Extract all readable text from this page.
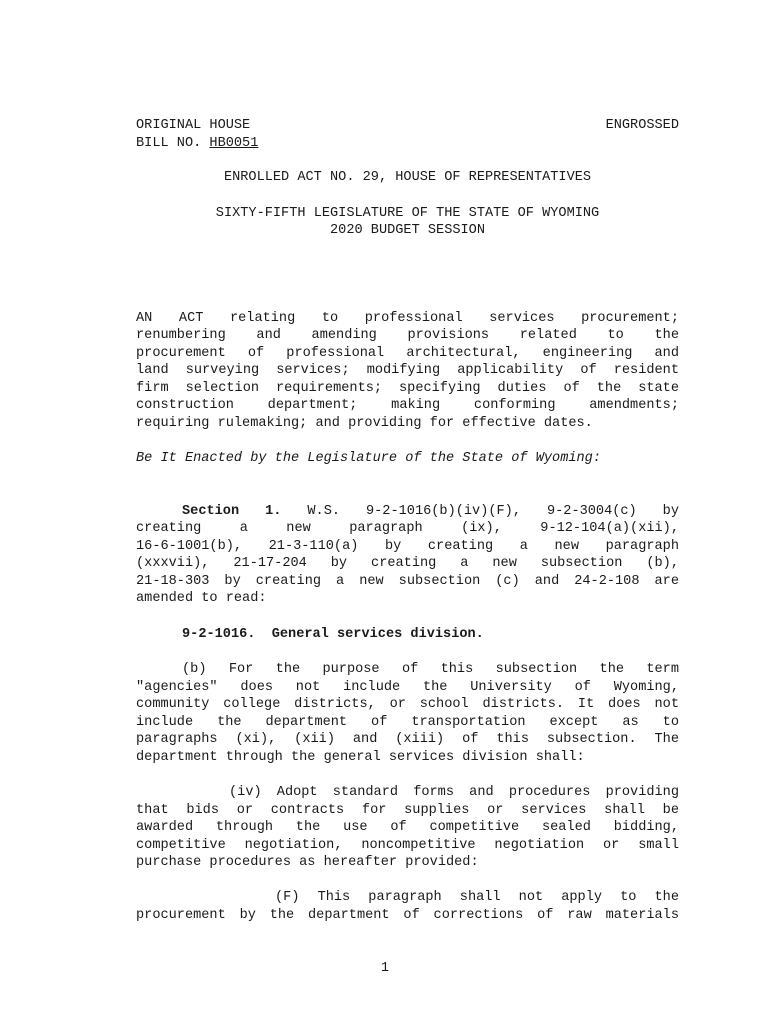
ORIGINAL HOUSE	ENGROSSED
BILL NO. HB0051
ENROLLED ACT NO. 29, HOUSE OF REPRESENTATIVES
SIXTY-FIFTH LEGISLATURE OF THE STATE OF WYOMING
2020 BUDGET SESSION
AN ACT relating to professional services procurement;
renumbering and amending provisions related to the
procurement of professional architectural, engineering and
land surveying services; modifying applicability of resident
firm selection requirements; specifying duties of the state
construction department; making conforming amendments;
requiring rulemaking; and providing for effective dates.
Be It Enacted by the Legislature of the State of Wyoming:
Section 1. W.S. 9-2-1016(b)(iv)(F), 9-2-3004(c) by
creating a new paragraph (ix), 9-12-104(a)(xii),
16-6-1001(b), 21-3-110(a) by creating a new paragraph
(xxxvii), 21-17-204 by creating a new subsection (b),
21-18-303 by creating a new subsection (c) and 24-2-108 are
amended to read:
9-2-1016.  General services division.
(b) For the purpose of this subsection the term
"agencies" does not include the University of Wyoming,
community college districts, or school districts. It does not
include the department of transportation except as to
paragraphs (xi), (xii) and (xiii) of this subsection. The
department through the general services division shall:
(iv) Adopt standard forms and procedures providing
that bids or contracts for supplies or services shall be
awarded through the use of competitive sealed bidding,
competitive negotiation, noncompetitive negotiation or small
purchase procedures as hereafter provided:
(F) This paragraph shall not apply to the
procurement by the department of corrections of raw materials
1
